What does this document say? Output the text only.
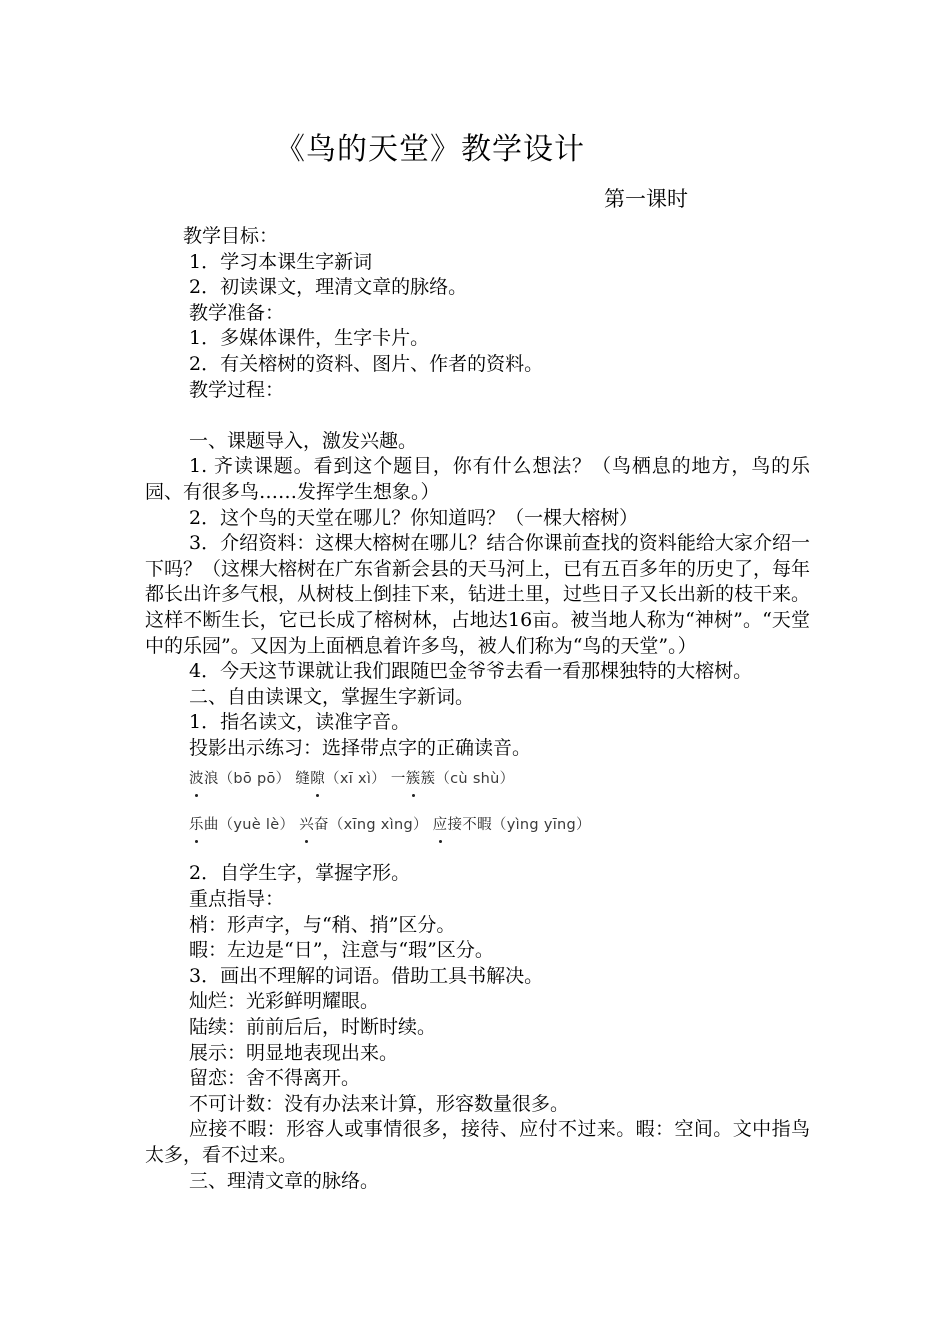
《鸟的天堂》教学设计
第一课时

教学目标：

1．学习本课生字新词

2．初读课文，理清文章的脉络。

教学准备：

1．多媒体课件，生字卡片。

2．有关榕树的资料、图片、作者的资料。

教学过程：

一、课题导入，激发兴趣。

1. 齐读课题。看到这个题目，你有什么想法？（鸟栖息的地方，鸟的乐园、有很多鸟……发挥学生想象。）

2．这个鸟的天堂在哪儿？你知道吗？（一棵大榕树）

3．介绍资料：这棵大榕树在哪儿？结合你课前查找的资料能给大家介绍一下吗？（这棵大榕树在广东省新会县的天马河上，已有五百多年的历史了，每年都长出许多气根，从树枝上倒挂下来，钻进土里，过些日子又长出新的枝干来。这样不断生长，它已长成了榕树林，占地达16亩。被当地人称为“神树”。“天堂中的乐园”。又因为上面栖息着许多鸟，被人们称为“鸟的天堂”。）

4．今天这节课就让我们跟随巴金爷爷去看一看那棵独特的大榕树。

二、自由读课文，掌握生字新词。

1．指名读文，读准字音。

投影出示练习：选择带点字的正确读音。

波浪（bō pō） 缝隙（xī xì） 一簇簇（cù shù）
乐曲（yuè lè） 兴奋（xīng xìng） 应接不暇（yìng yīng）

2．自学生字，掌握字形。

重点指导：

梢：形声字，与“稍、捎”区分。

暇：左边是“日”，注意与“瑕”区分。

3．画出不理解的词语。借助工具书解决。

灿烂：光彩鲜明耀眼。

陆续：前前后后，时断时续。

展示：明显地表现出来。

留恋：舍不得离开。

不可计数：没有办法来计算，形容数量很多。

应接不暇：形容人或事情很多，接待、应付不过来。暇：空间。文中指鸟太多，看不过来。

三、理清文章的脉络。
